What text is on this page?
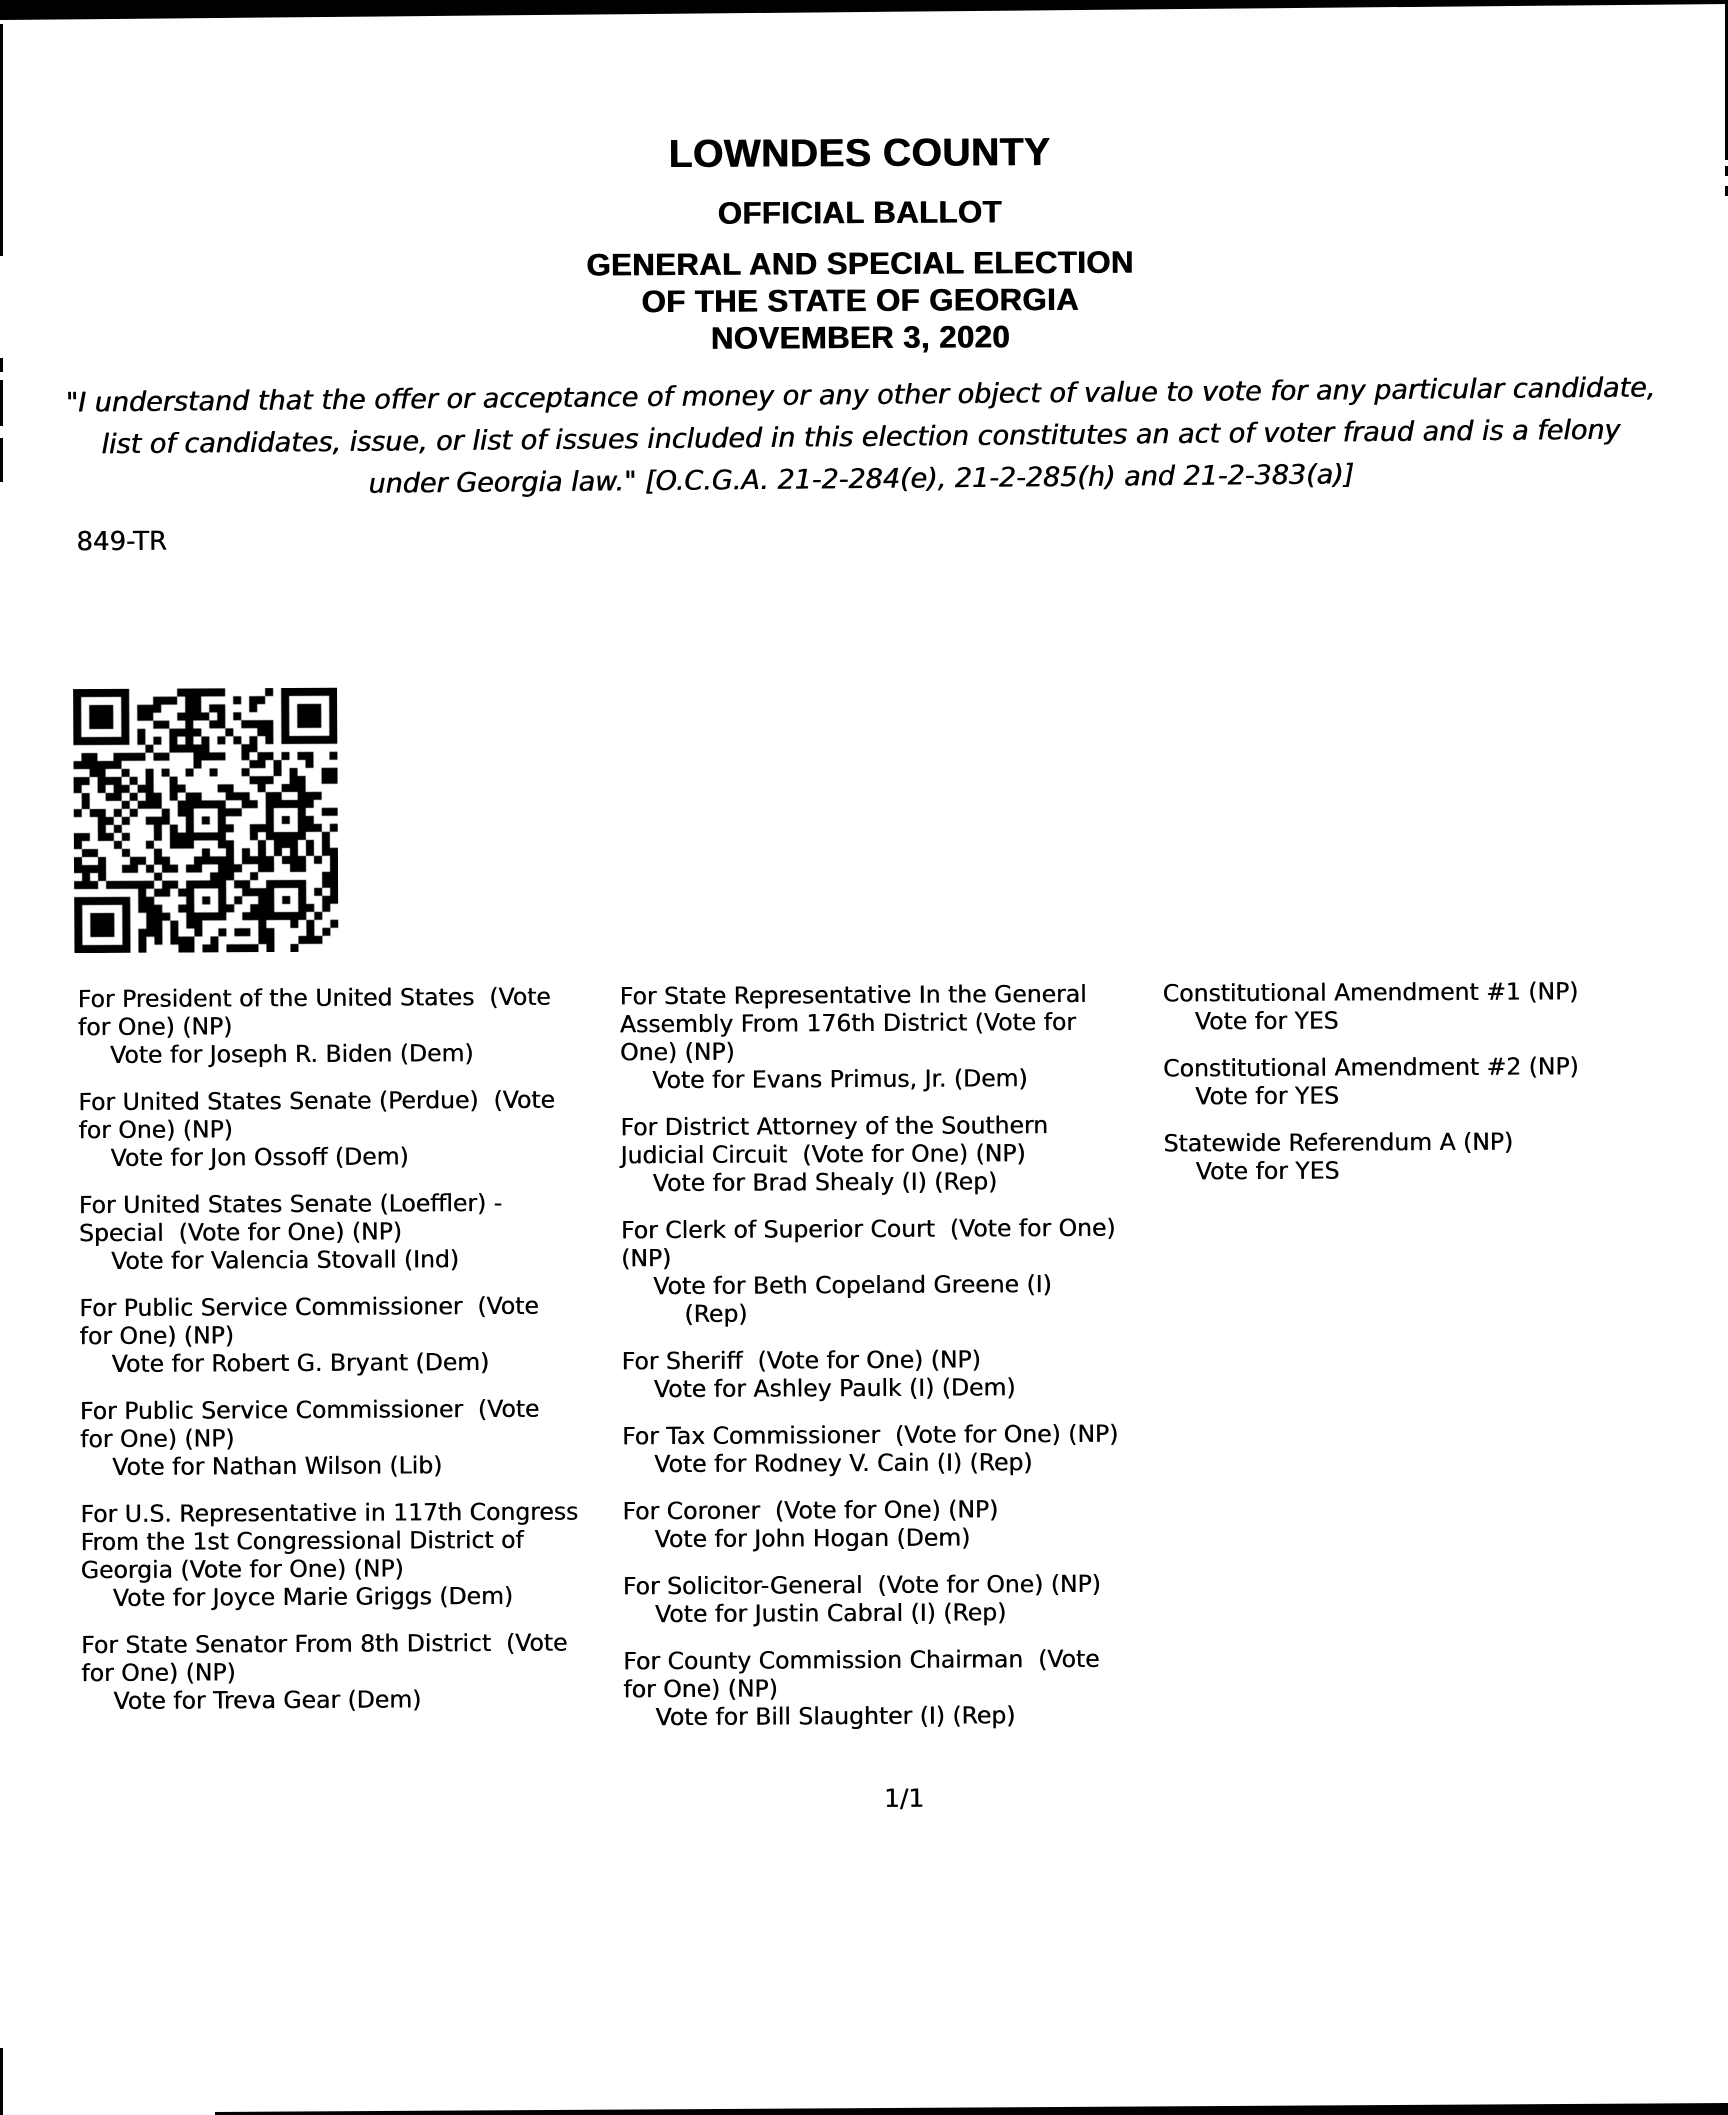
LOWNDES COUNTY
OFFICIAL BALLOT
GENERAL AND SPECIAL ELECTION
OF THE STATE OF GEORGIA
NOVEMBER 3, 2020
"I understand that the offer or acceptance of money or any other object of value to vote for any particular candidate,
list of candidates, issue, or list of issues included in this election constitutes an act of voter fraud and is a felony
under Georgia law." [O.C.G.A. 21-2-284(e), 21-2-285(h) and 21-2-383(a)]
849-TR
For President of the United States  (Vote
for One) (NP)
Vote for Joseph R. Biden (Dem)
For United States Senate (Perdue)  (Vote
for One) (NP)
Vote for Jon Ossoff (Dem)
For United States Senate (Loeffler) -
Special  (Vote for One) (NP)
Vote for Valencia Stovall (Ind)
For Public Service Commissioner  (Vote
for One) (NP)
Vote for Robert G. Bryant (Dem)
For Public Service Commissioner  (Vote
for One) (NP)
Vote for Nathan Wilson (Lib)
For U.S. Representative in 117th Congress
From the 1st Congressional District of
Georgia (Vote for One) (NP)
Vote for Joyce Marie Griggs (Dem)
For State Senator From 8th District  (Vote
for One) (NP)
Vote for Treva Gear (Dem)
For State Representative In the General
Assembly From 176th District (Vote for
One) (NP)
Vote for Evans Primus, Jr. (Dem)
For District Attorney of the Southern
Judicial Circuit  (Vote for One) (NP)
Vote for Brad Shealy (I) (Rep)
For Clerk of Superior Court  (Vote for One)
(NP)
Vote for Beth Copeland Greene (I)
(Rep)
For Sheriff  (Vote for One) (NP)
Vote for Ashley Paulk (I) (Dem)
For Tax Commissioner  (Vote for One) (NP)
Vote for Rodney V. Cain (I) (Rep)
For Coroner  (Vote for One) (NP)
Vote for John Hogan (Dem)
For Solicitor-General  (Vote for One) (NP)
Vote for Justin Cabral (I) (Rep)
For County Commission Chairman  (Vote
for One) (NP)
Vote for Bill Slaughter (I) (Rep)
Constitutional Amendment #1 (NP)
Vote for YES
Constitutional Amendment #2 (NP)
Vote for YES
Statewide Referendum A (NP)
Vote for YES
1/1
